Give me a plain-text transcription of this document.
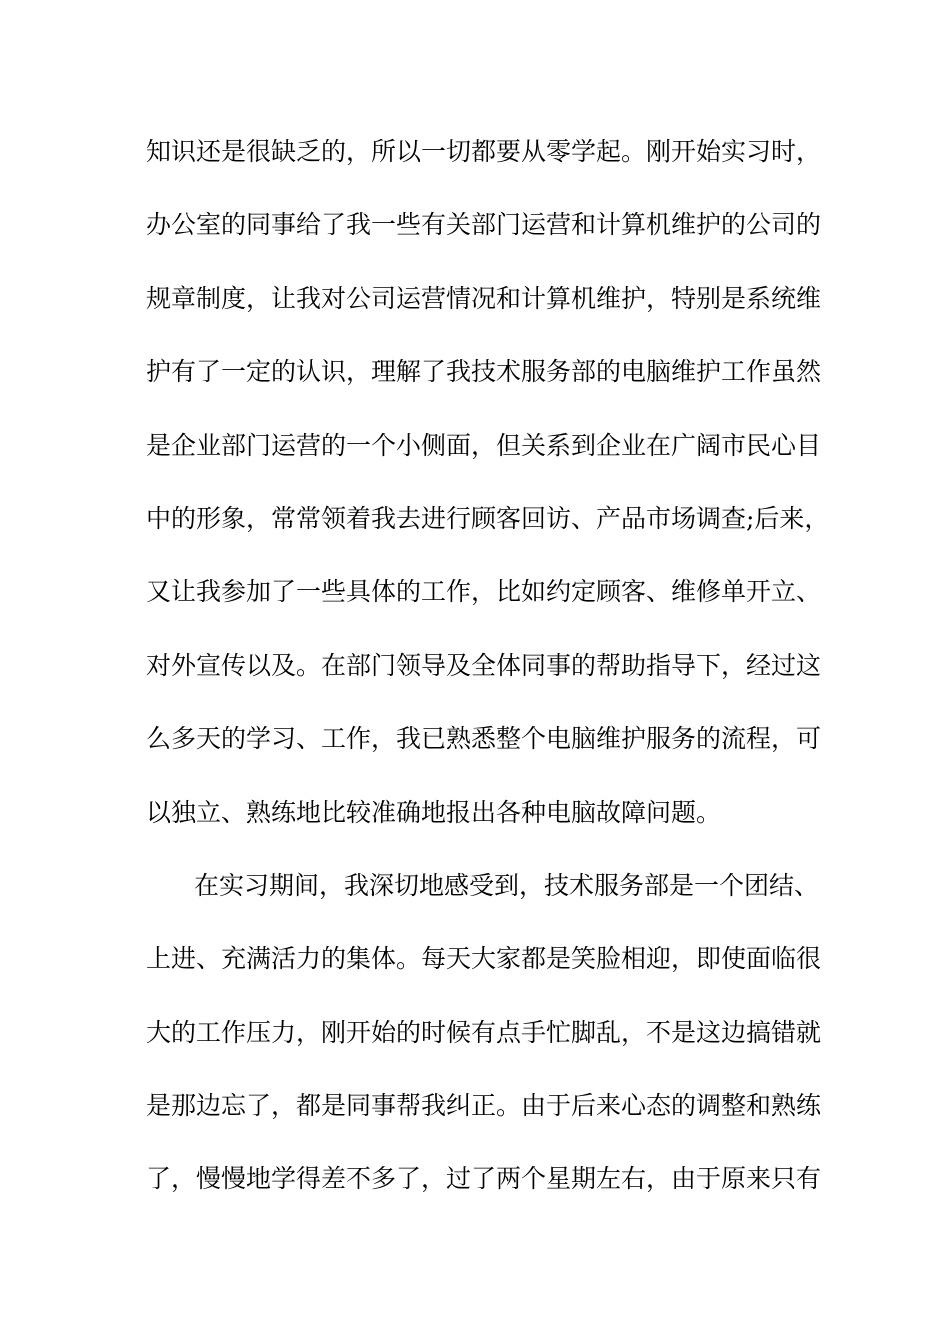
知识还是很缺乏的，所以一切都要从零学起。刚开始实习时，
办公室的同事给了我一些有关部门运营和计算机维护的公司的
规章制度，让我对公司运营情况和计算机维护，特别是系统维
护有了一定的认识，理解了我技术服务部的电脑维护工作虽然
是企业部门运营的一个小侧面，但关系到企业在广阔市民心目
中的形象，常常领着我去进行顾客回访、产品市场调查;后来，
又让我参加了一些具体的工作，比如约定顾客、维修单开立、
对外宣传以及。在部门领导及全体同事的帮助指导下，经过这
么多天的学习、工作，我已熟悉整个电脑维护服务的流程，可
以独立、熟练地比较准确地报出各种电脑故障问题。
在实习期间，我深切地感受到，技术服务部是一个团结、
上进、充满活力的集体。每天大家都是笑脸相迎，即使面临很
大的工作压力，刚开始的时候有点手忙脚乱，不是这边搞错就
是那边忘了，都是同事帮我纠正。由于后来心态的调整和熟练
了，慢慢地学得差不多了，过了两个星期左右，由于原来只有
